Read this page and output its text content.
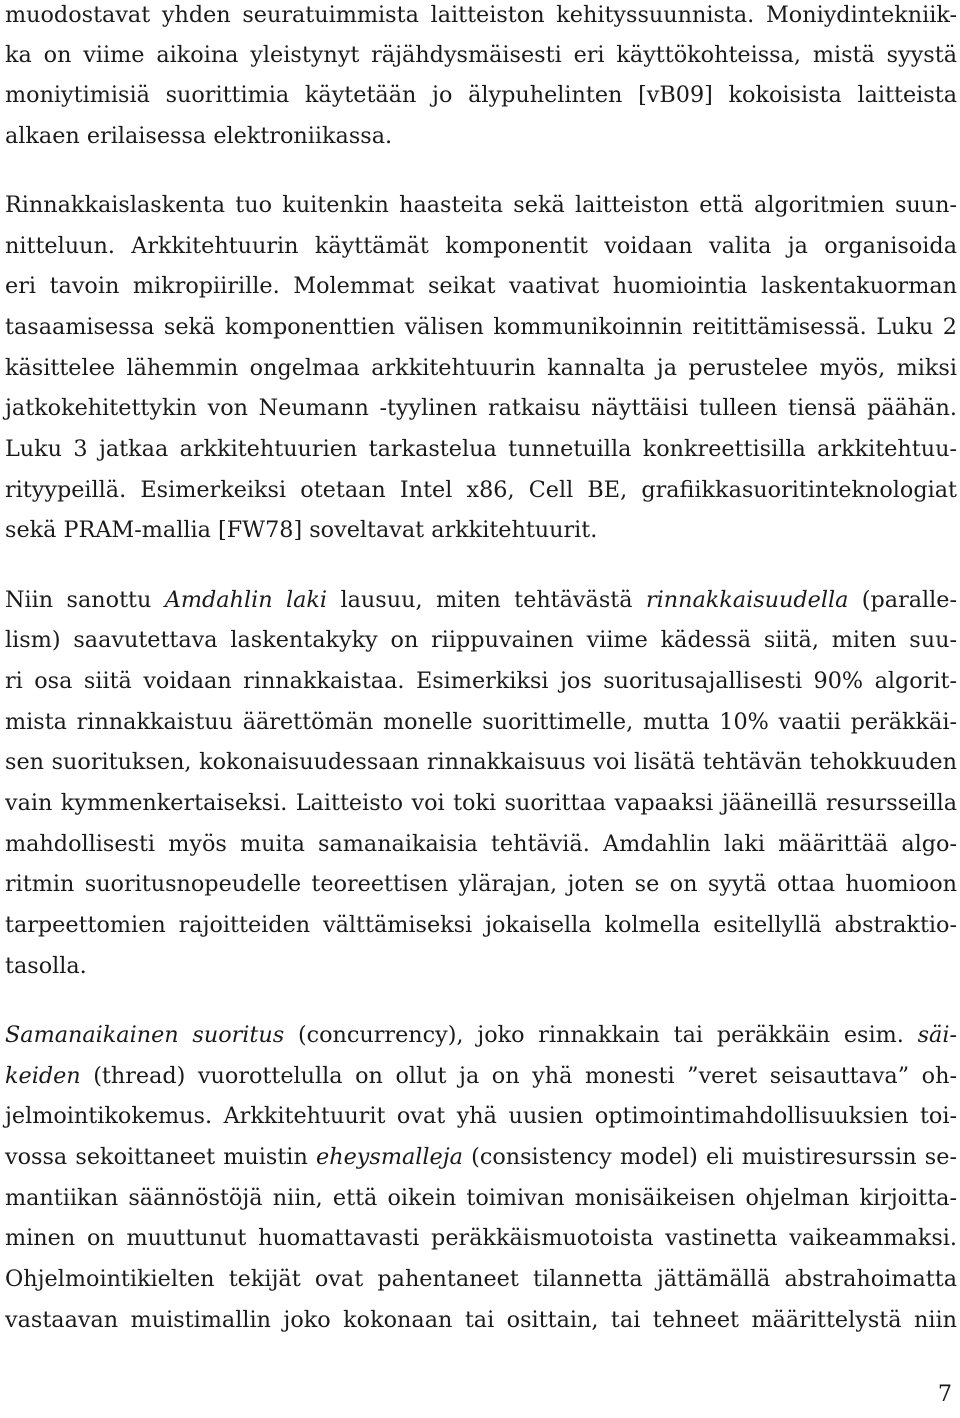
muodostavat yhden seuratuimmista laitteiston kehityssuunnista. Moniydintekniik-
ka on viime aikoina yleistynyt räjähdysmäisesti eri käyttökohteissa, mistä syystä
moniytimisiä suorittimia käytetään jo älypuhelinten [vB09] kokoisista laitteista
alkaen erilaisessa elektroniikassa.
Rinnakkaislaskenta tuo kuitenkin haasteita sekä laitteiston että algoritmien suun-
nitteluun. Arkkitehtuurin käyttämät komponentit voidaan valita ja organisoida
eri tavoin mikropiirille. Molemmat seikat vaativat huomiointia laskentakuorman
tasaamisessa sekä komponenttien välisen kommunikoinnin reitittämisessä. Luku 2
käsittelee lähemmin ongelmaa arkkitehtuurin kannalta ja perustelee myös, miksi
jatkokehitettykin von Neumann -tyylinen ratkaisu näyttäisi tulleen tiensä päähän.
Luku 3 jatkaa arkkitehtuurien tarkastelua tunnetuilla konkreettisilla arkkitehtuu-
rityypeillä. Esimerkeiksi otetaan Intel x86, Cell BE, grafiikkasuoritinteknologiat
sekä PRAM-mallia [FW78] soveltavat arkkitehtuurit.
Niin sanottu Amdahlin laki lausuu, miten tehtävästä rinnakkaisuudella (paralle-
lism) saavutettava laskentakyky on riippuvainen viime kädessä siitä, miten suu-
ri osa siitä voidaan rinnakkaistaa. Esimerkiksi jos suoritusajallisesti 90% algorit-
mista rinnakkaistuu äärettömän monelle suorittimelle, mutta 10% vaatii peräkkäi-
sen suorituksen, kokonaisuudessaan rinnakkaisuus voi lisätä tehtävän tehokkuuden
vain kymmenkertaiseksi. Laitteisto voi toki suorittaa vapaaksi jääneillä resursseilla
mahdollisesti myös muita samanaikaisia tehtäviä. Amdahlin laki määrittää algo-
ritmin suoritusnopeudelle teoreettisen ylärajan, joten se on syytä ottaa huomioon
tarpeettomien rajoitteiden välttämiseksi jokaisella kolmella esitellyllä abstraktio-
tasolla.
Samanaikainen suoritus (concurrency), joko rinnakkain tai peräkkäin esim. säi-
keiden (thread) vuorottelulla on ollut ja on yhä monesti ”veret seisauttava” oh-
jelmointikokemus. Arkkitehtuurit ovat yhä uusien optimointimahdollisuuksien toi-
vossa sekoittaneet muistin eheysmalleja (consistency model) eli muistiresurssin se-
mantiikan säännöstöjä niin, että oikein toimivan monisäikeisen ohjelman kirjoitta-
minen on muuttunut huomattavasti peräkkäismuotoista vastinetta vaikeammaksi.
Ohjelmointikielten tekijät ovat pahentaneet tilannetta jättämällä abstrahoimatta
vastaavan muistimallin joko kokonaan tai osittain, tai tehneet määrittelystä niin
7
